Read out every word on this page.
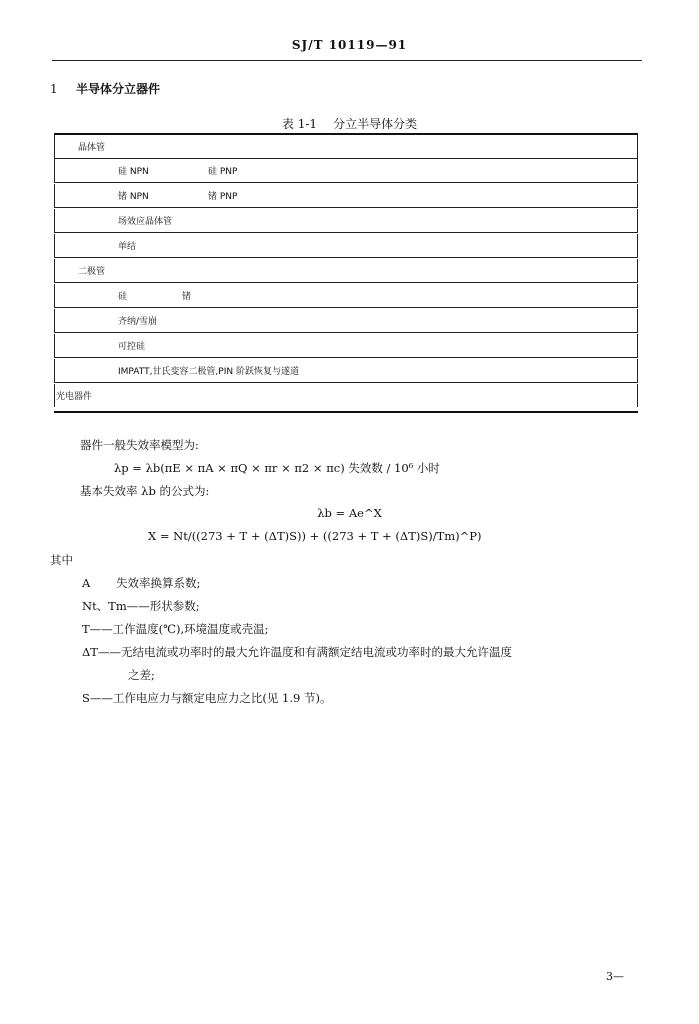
SJ/T 10119—91
1 半导体分立器件
表 1-1 分立半导体分类
晶体管
硅 NPN	硅 PNP
锗 NPN	锗 PNP
场效应晶体管
单结
二极管
硅	锗
齐纳/雪崩
可控硅
IMPATT,甘氏变容二极管,PIN 阶跃恢复与遂道
光电器件
器件一般失效率模型为:
λp = λb(πE × πA × πQ × πr × π2 × πc) 失效数 / 10⁶ 小时
基本失效率 λb 的公式为:
λb = Ae^X
X = Nt/((273 + T + (ΔT)S)) + ((273 + T + (ΔT)S)/Tm)^P)
其中
A 失效率换算系数;
Nt、Tm——形状参数;
T——工作温度(℃),环境温度或壳温;
ΔT——无结电流或功率时的最大允许温度和有满额定结电流或功率时的最大允许温度
之差;
S——工作电应力与额定电应力之比(见 1.9 节)。
3—
